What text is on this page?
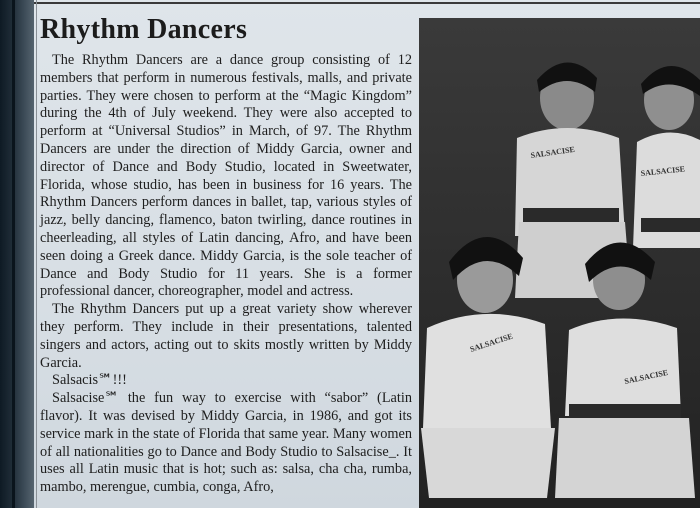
Rhythm Dancers

The Rhythm Dancers are a dance group consisting of 12 members that perform in numerous festivals, malls, and private parties. They were chosen to perform at the “Magic Kingdom” during the 4th of July weekend. They were also accepted to perform at “Universal Studios” in March, of 97. The Rhythm Dancers are under the direction of Middy Garcia, owner and director of Dance and Body Studio, located in Sweetwater, Florida, whose studio, has been in business for 16 years. The Rhythm Dancers perform dances in ballet, tap, various styles of jazz, belly dancing, flamenco, baton twirling, dance routines in cheerleading, all styles of Latin dancing, Afro, and have been seen doing a Greek dance. Middy Garcia, is the sole teacher of Dance and Body Studio for 11 years. She is a former professional dancer, choreographer, model and actress.

The Rhythm Dancers put up a great variety show wherever they perform. They include in their presentations, talented singers and actors, acting out to skits mostly written by Middy Garcia.

Salsacis℠!!!

Salsacise℠ the fun way to exercise with “sabor” (Latin flavor). It was devised by Middy Garcia, in 1986, and got its service mark in the state of Florida that same year. Many women of all nationalities go to Dance and Body Studio to Salsacise_. It uses all Latin music that is hot; such as: salsa, cha cha, rumba, mambo, merengue, cumbia, conga, Afro,

SALSACISE
SALSACISE
SALSACISE
SALSACISE
